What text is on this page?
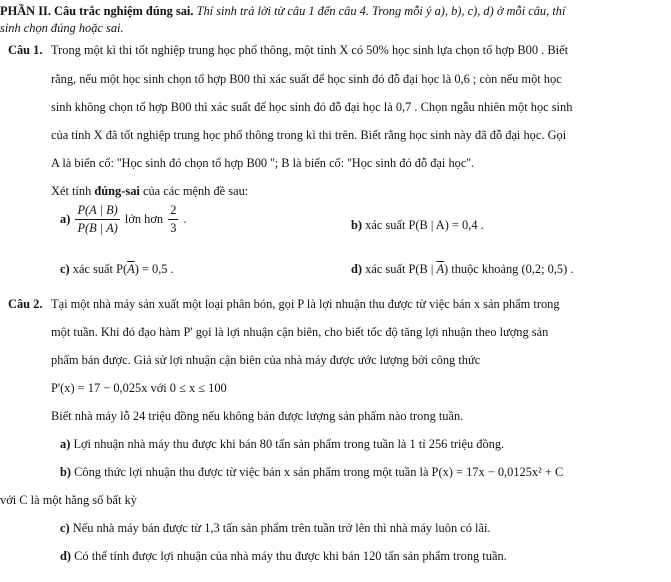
PHẦN II. Câu trắc nghiệm đúng sai. Thí sinh trả lời từ câu 1 đến câu 4. Trong mỗi ý a), b), c), d) ở mỗi câu, thí
sinh chọn đúng hoặc sai.
Câu 1. Trong một kì thi tốt nghiệp trung học phổ thông, một tỉnh X có 50% học sinh lựa chọn tổ hợp B00 . Biết
rằng, nếu một học sinh chọn tổ hợp B00 thì xác suất để học sinh đó đỗ đại học là 0,6 ; còn nếu một học
sinh không chọn tổ hợp B00 thì xác suất để học sinh đó đỗ đại học là 0,7 . Chọn ngẫu nhiên một học sinh
của tỉnh X đã tốt nghiệp trung học phổ thông trong kì thi trên. Biết rằng học sinh này đã đỗ đại học. Gọi
A là biến cố: ''Học sinh đó chọn tổ hợp B00 ''; B là biến cố: ''Học sinh đó đỗ đại học''.
Xét tính đúng-sai của các mệnh đề sau:
$a) \frac{P(A | B)}{P(B | A)}$ lớn hơn $\frac{2}{3}$ .	b) xác suất P(B | A) = 0,4 .
c) xác suất $P(\overline{A}) = 0,5$ .	d) xác suất P(B | $\overline{A}$) thuộc khoảng (0,2; 0,5) .
Câu 2. Tại một nhà máy sản xuất một loại phân bón, gọi P là lợi nhuận thu được từ việc bán x sản phẩm trong
một tuần. Khi đó đạo hàm P' gọi là lợi nhuận cận biên, cho biết tốc độ tăng lợi nhuận theo lượng sản
phẩm bán được. Giả sử lợi nhuận cận biên của nhà máy được ước lượng bởi công thức
P'(x) = 17 − 0,025x với 0 ≤ x ≤ 100
Biết nhà máy lỗ 24 triệu đồng nếu không bán được lượng sản phẩm nào trong tuần.
a) Lợi nhuận nhà máy thu được khi bán 80 tấn sản phẩm trong tuần là 1 tỉ 256 triệu đồng.
b) Công thức lợi nhuận thu được từ việc bán x sản phẩm trong một tuần là P(x) = 17x − 0,0125x² + C
với C là một hằng số bất kỳ
c) Nếu nhà máy bán được từ 1,3 tấn sản phẩm trên tuần trở lên thì nhà máy luôn có lãi.
d) Có thể tính được lợi nhuận của nhà máy thu được khi bán 120 tấn sản phẩm trong tuần.
